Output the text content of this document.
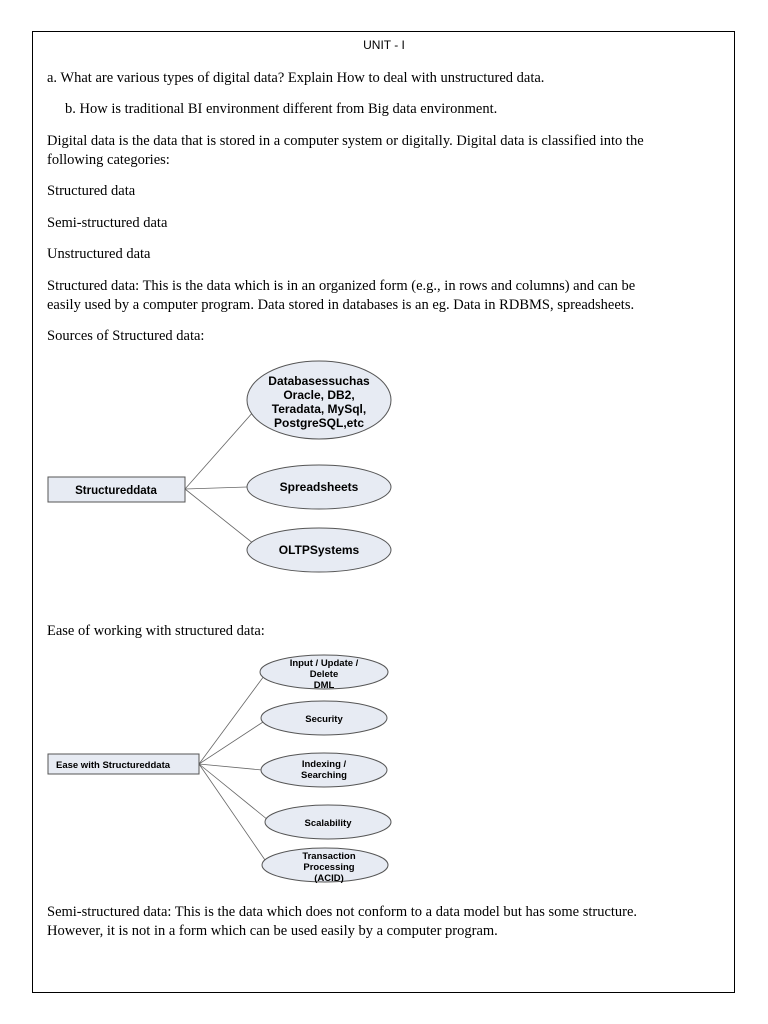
UNIT - I

a. What are various types of digital data? Explain How to deal with unstructured data.

b. How is traditional BI environment different from Big data environment.

Digital data is the data that is stored in a computer system or digitally. Digital data is classified into the

following categories:

Structured data

Semi-structured data

Unstructured data

Structured data: This is the data which is in an organized form (e.g., in rows and columns) and can be

easily used by a computer program. Data stored in databases is an eg. Data in RDBMS, spreadsheets.

Sources of Structured data:

Structureddata
Databasessuchas
Oracle, DB2,
Teradata, MySql,
PostgreSQL,etc
Spreadsheets
OLTPSystems

Ease of working with structured data:

Ease with Structureddata
Input / Update /
Delete
DML
Security
Indexing /
Searching
Scalability
Transaction
Processing
(ACID)

Semi-structured data: This is the data which does not conform to a data model but has some structure.

However, it is not in a form which can be used easily by a computer program.
